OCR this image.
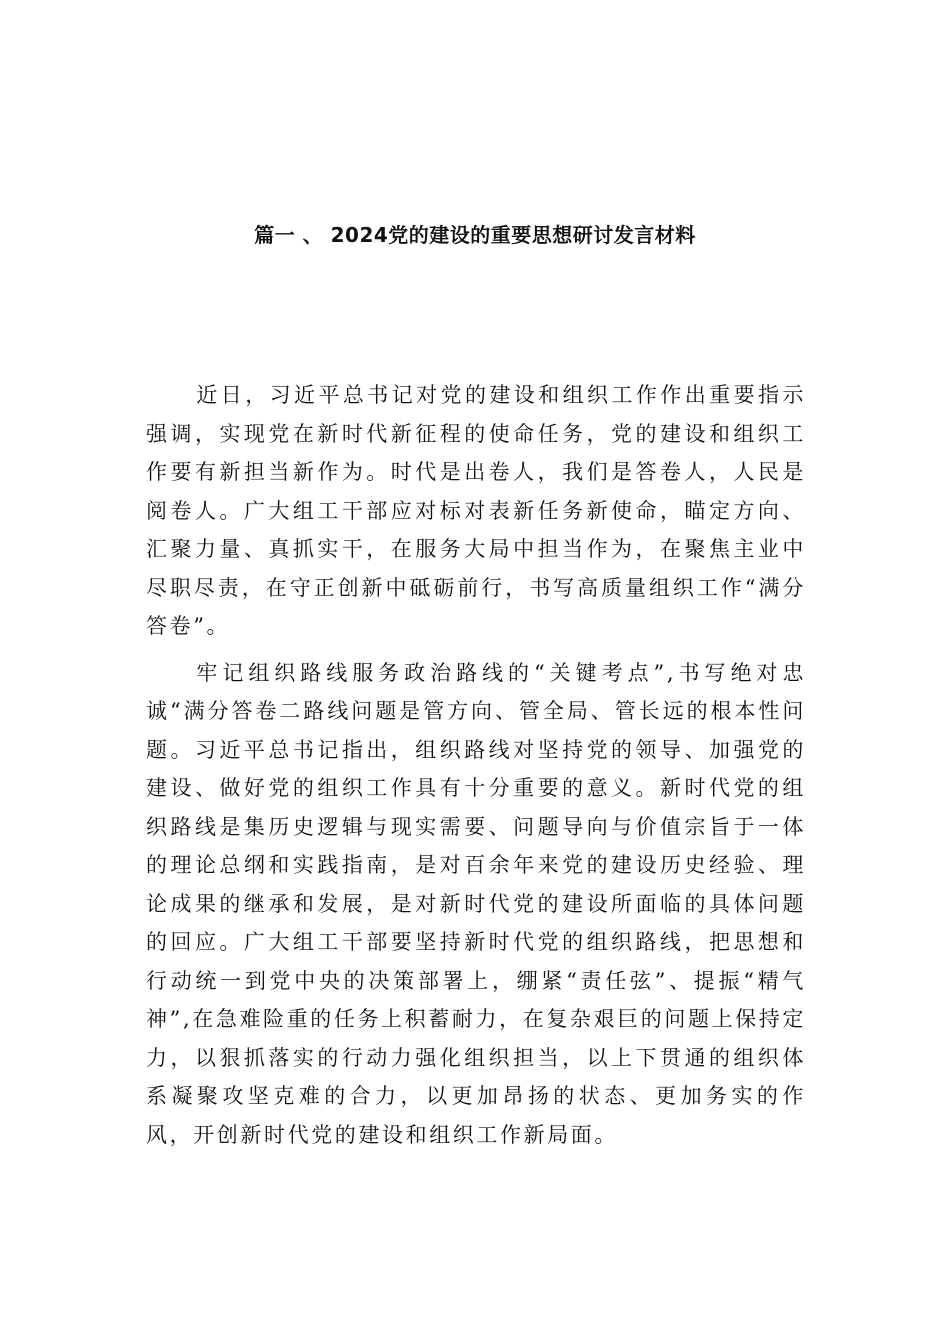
篇一 、 2024党的建设的重要思想研讨发言材料

近日，习近平总书记对党的建设和组织工作作出重要指示强调，实现党在新时代新征程的使命任务，党的建设和组织工作要有新担当新作为。时代是出卷人，我们是答卷人，人民是阅卷人。广大组工干部应对标对表新任务新使命，瞄定方向、汇聚力量、真抓实干，在服务大局中担当作为，在聚焦主业中尽职尽责，在守正创新中砥砺前行，书写高质量组织工作“满分答卷”。

牢记组织路线服务政治路线的“关键考点”,书写绝对忠诚“满分答卷二路线问题是管方向、管全局、管长远的根本性问题。习近平总书记指出，组织路线对坚持党的领导、加强党的建设、做好党的组织工作具有十分重要的意义。新时代党的组织路线是集历史逻辑与现实需要、问题导向与价值宗旨于一体的理论总纲和实践指南，是对百余年来党的建设历史经验、理论成果的继承和发展，是对新时代党的建设所面临的具体问题的回应。广大组工干部要坚持新时代党的组织路线，把思想和行动统一到党中央的决策部署上，绷紧“责任弦”、提振“精气神”,在急难险重的任务上积蓄耐力，在复杂艰巨的问题上保持定力，以狠抓落实的行动力强化组织担当，以上下贯通的组织体系凝聚攻坚克难的合力，以更加昂扬的状态、更加务实的作风，开创新时代党的建设和组织工作新局面。
